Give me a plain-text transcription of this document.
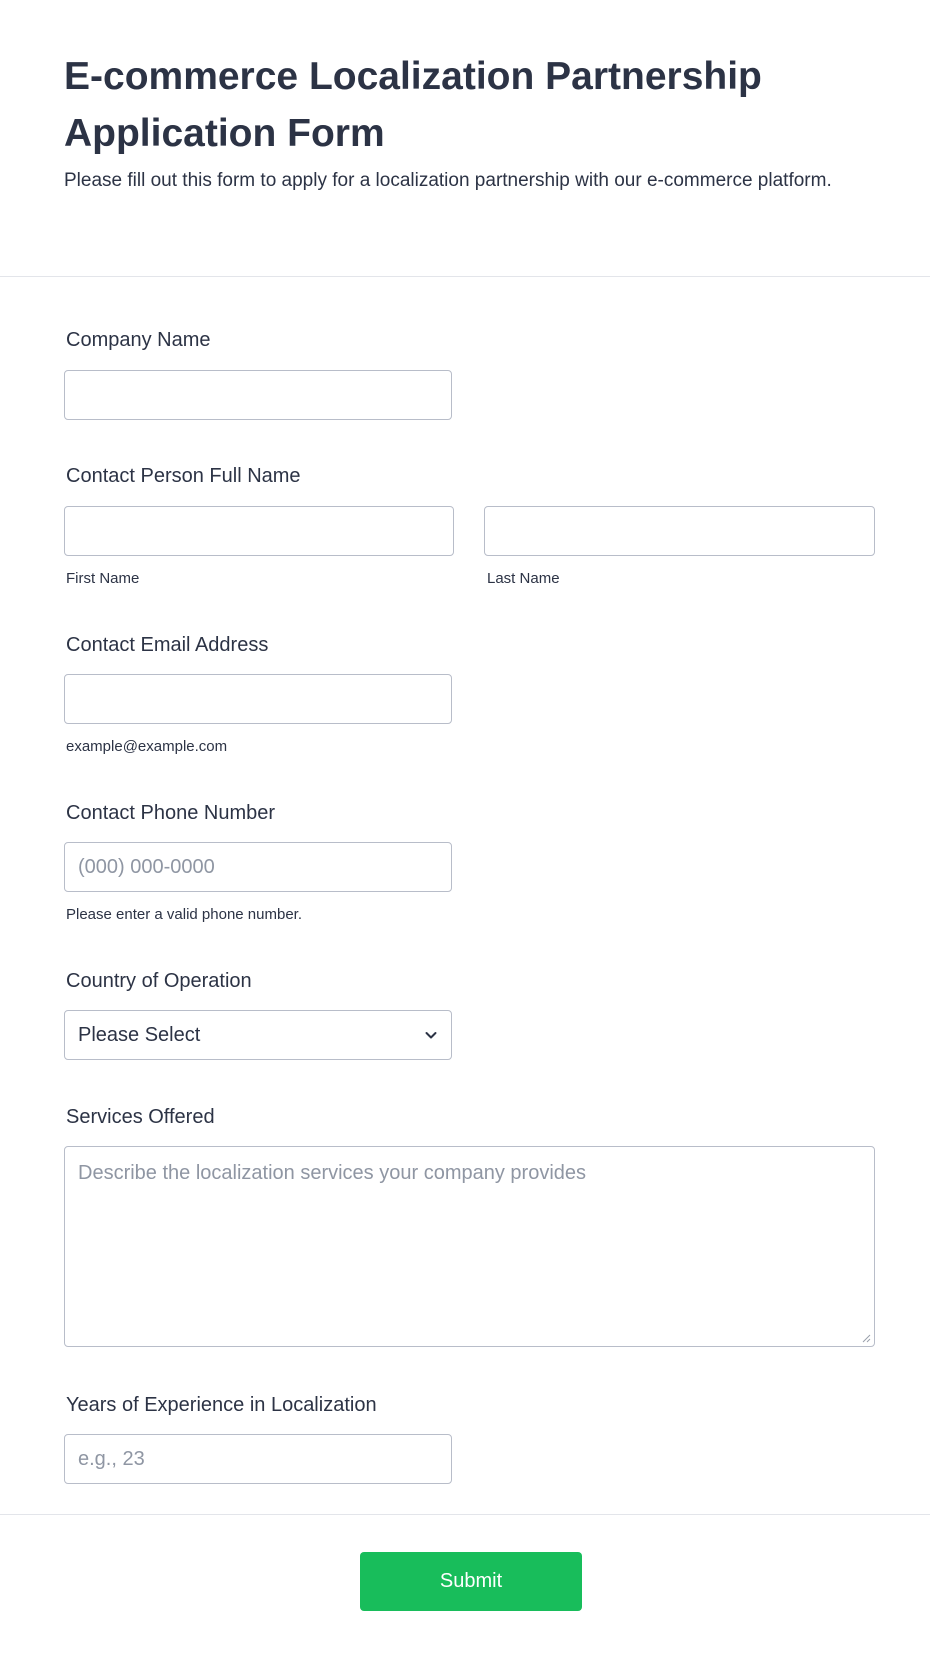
E-commerce Localization Partnership Application Form

Please fill out this form to apply for a localization partnership with our e-commerce platform.

Company Name
Contact Person Full Name
First Name	Last Name
Contact Email Address
example@example.com
Contact Phone Number
(000) 000-0000
Please enter a valid phone number.
Country of Operation
Please Select
Services Offered
Describe the localization services your company provides
Years of Experience in Localization
e.g., 23
Submit
